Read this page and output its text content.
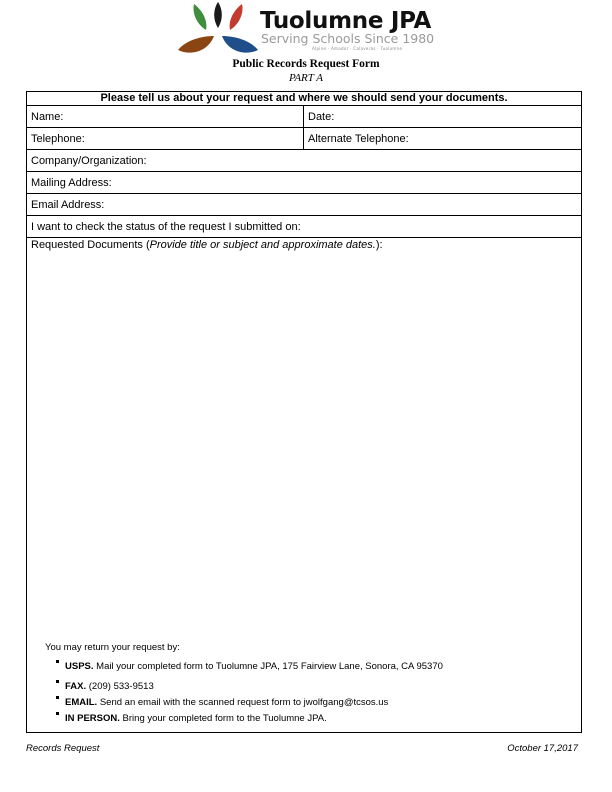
Tuolumne JPA
Serving Schools Since 1980
Alpine · Amador · Calaveras · Tuolumne
Public Records Request Form
PART A
Please tell us about your request and where we should send your documents.
Name:	Date:
Telephone:	Alternate Telephone:
Company/Organization:
Mailing Address:
Email Address:
I want to check the status of the request I submitted on:
Requested Documents (Provide title or subject and approximate dates.):
You may return your request by:
USPS. Mail your completed form to Tuolumne JPA, 175 Fairview Lane, Sonora, CA 95370
FAX. (209) 533-9513
EMAIL. Send an email with the scanned request form to jwolfgang@tcsos.us
IN PERSON. Bring your completed form to the Tuolumne JPA.
Records Request	October 17,2017
